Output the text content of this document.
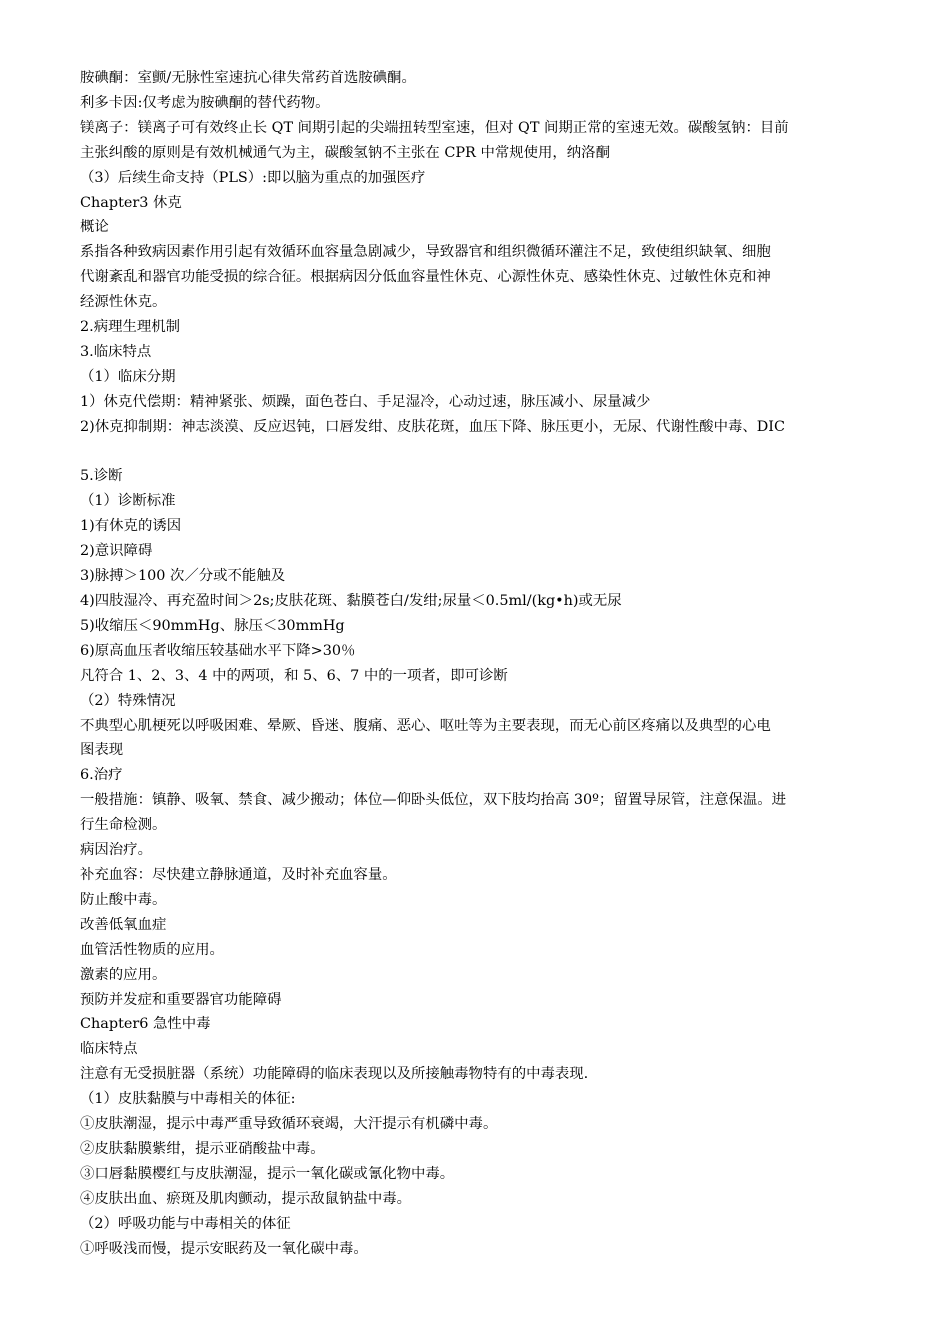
胺碘酮：室颤/无脉性室速抗心律失常药首选胺碘酮。

利多卡因:仅考虑为胺碘酮的替代药物。

镁离子：镁离子可有效终止长 QT 间期引起的尖端扭转型室速，但对 QT 间期正常的室速无效。碳酸氢钠：目前

主张纠酸的原则是有效机械通气为主，碳酸氢钠不主张在 CPR 中常规使用，纳洛酮

（3）后续生命支持（PLS）:即以脑为重点的加强医疗

Chapter3 休克

概论

系指各种致病因素作用引起有效循环血容量急剧减少，导致器官和组织微循环灌注不足，致使组织缺氧、细胞

代谢紊乱和器官功能受损的综合征。根据病因分低血容量性休克、心源性休克、感染性休克、过敏性休克和神

经源性休克。

2.病理生理机制

3.临床特点

（1）临床分期

1）休克代偿期：精神紧张、烦躁，面色苍白、手足湿冷，心动过速，脉压减小、尿量减少

2)休克抑制期：神志淡漠、反应迟钝，口唇发绀、皮肤花斑，血压下降、脉压更小，无尿、代谢性酸中毒、DIC

5.诊断

（1）诊断标准

1)有休克的诱因

2)意识障碍

3)脉搏＞100 次／分或不能触及

4)四肢湿冷、再充盈时间＞2s;皮肤花斑、黏膜苍白/发绀;尿量＜0.5ml/(kg•h)或无尿

5)收缩压＜90mmHg、脉压＜30mmHg

6)原高血压者收缩压较基础水平下降>30％

凡符合 1、2、3、4 中的两项，和 5、6、7 中的一项者，即可诊断

（2）特殊情况

不典型心肌梗死以呼吸困难、晕厥、昏迷、腹痛、恶心、呕吐等为主要表现，而无心前区疼痛以及典型的心电

图表现

6.治疗

一般措施：镇静、吸氧、禁食、减少搬动；体位—仰卧头低位，双下肢均抬高 30º；留置导尿管，注意保温。进

行生命检测。

病因治疗。

补充血容：尽快建立静脉通道，及时补充血容量。

防止酸中毒。

改善低氧血症

血管活性物质的应用。

激素的应用。

预防并发症和重要器官功能障碍

Chapter6 急性中毒

临床特点

注意有无受损脏器（系统）功能障碍的临床表现以及所接触毒物特有的中毒表现.

（1）皮肤黏膜与中毒相关的体征:

①皮肤潮湿，提示中毒严重导致循环衰竭，大汗提示有机磷中毒。

②皮肤黏膜紫绀，提示亚硝酸盐中毒。

③口唇黏膜樱红与皮肤潮湿，提示一氧化碳或氰化物中毒。

④皮肤出血、瘀斑及肌肉颤动，提示敌鼠钠盐中毒。

（2）呼吸功能与中毒相关的体征

①呼吸浅而慢，提示安眠药及一氧化碳中毒。
